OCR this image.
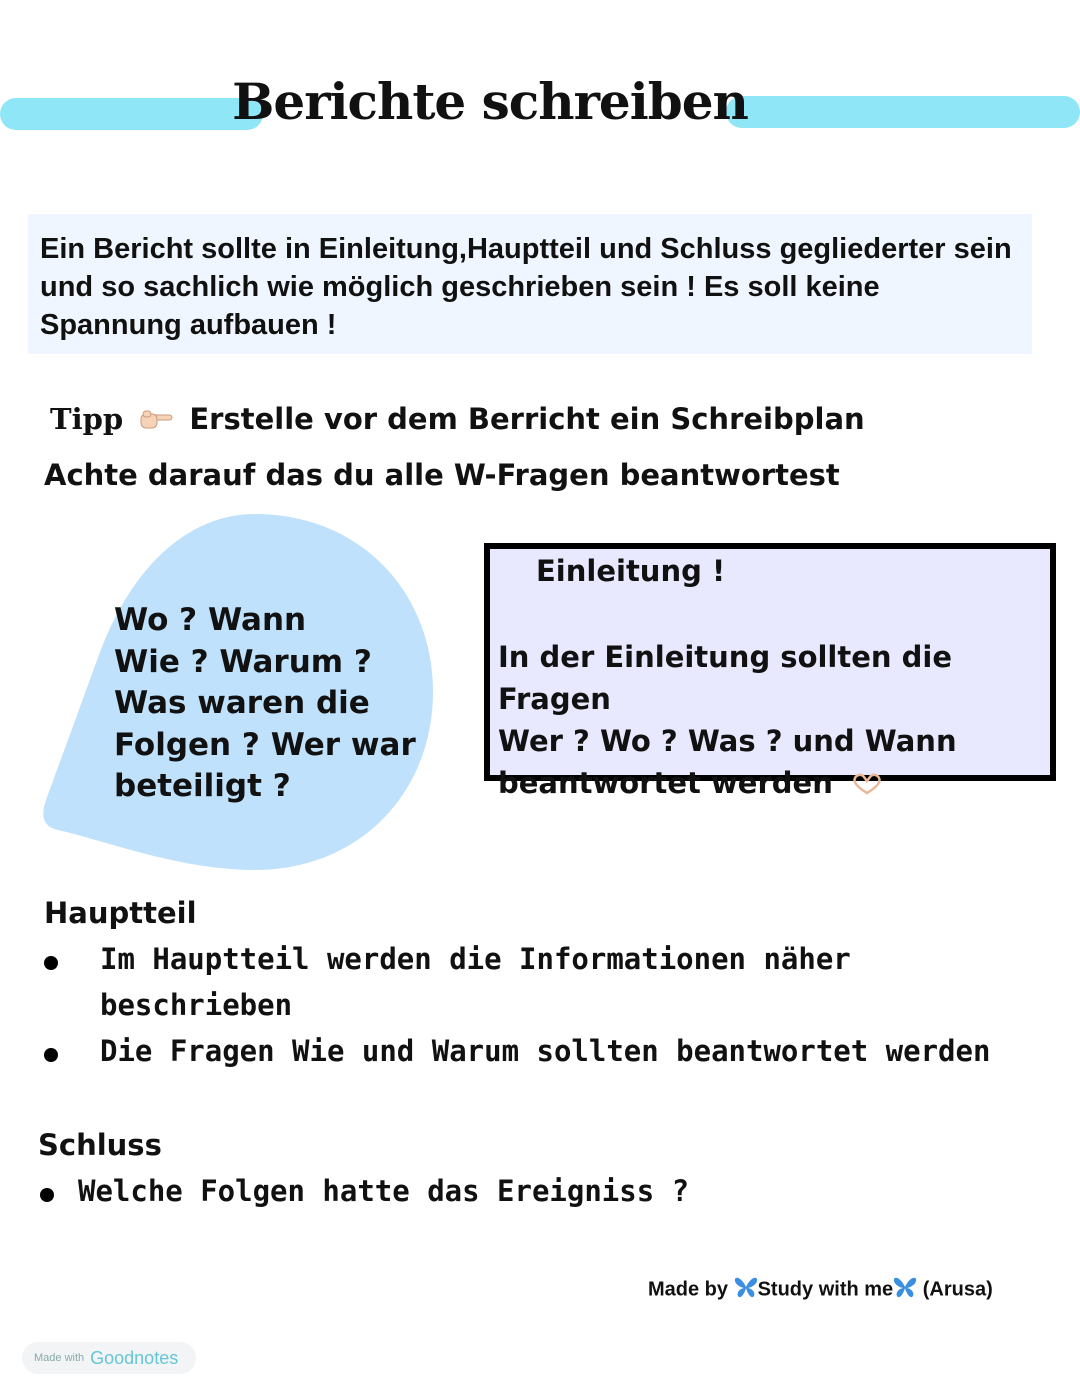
Berichte schreiben
Ein Bericht sollte in Einleitung,Hauptteil und Schluss gegliederter sein und so sachlich wie möglich geschrieben sein ! Es soll keine Spannung aufbauen !
Tipp Erstelle vor dem Berricht ein Schreibplan
Achte darauf das du alle W-Fragen beantwortest
Wo ? Wann
Wie ? Warum ?
Was waren die
Folgen ? Wer war
beteiligt ?
Einleitung !
In der Einleitung sollten die Fragen
Wer ? Wo ? Was ? und Wann
beantwortet werden
Hauptteil
Im Hauptteil werden die Informationen näher
beschrieben
Die Fragen Wie und Warum sollten beantwortet werden
Schluss
Welche Folgen hatte das Ereigniss ?
Made by Study with me (Arusa)
Made with Goodnotes
